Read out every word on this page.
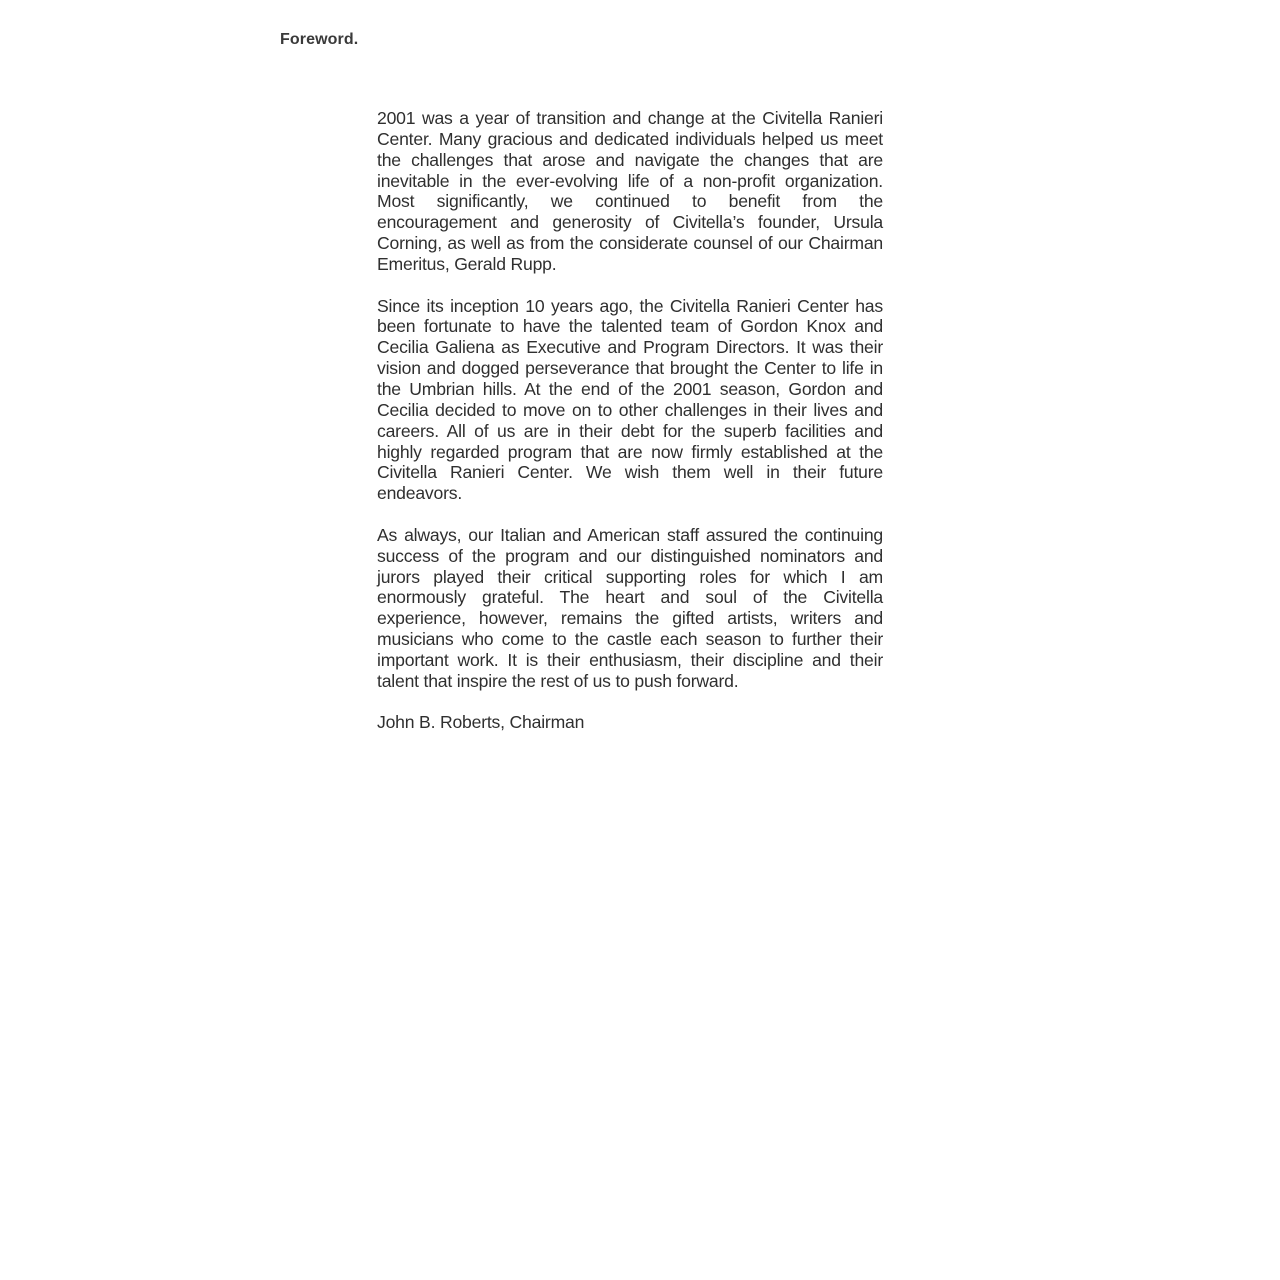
Foreword.

2001 was a year of transition and change at the Civitella Ranieri Center. Many gracious and dedicated individuals helped us meet the challenges that arose and navigate the changes that are inevitable in the ever-evolving life of a non-profit organization. Most significantly, we continued to benefit from the encouragement and generosity of Civitella’s founder, Ursula Corning, as well as from the considerate counsel of our Chairman Emeritus, Gerald Rupp.

Since its inception 10 years ago, the Civitella Ranieri Center has been fortunate to have the talented team of Gordon Knox and Cecilia Galiena as Executive and Program Directors. It was their vision and dogged perseverance that brought the Center to life in the Umbrian hills. At the end of the 2001 season, Gordon and Cecilia decided to move on to other challenges in their lives and careers. All of us are in their debt for the superb facilities and highly regarded program that are now firmly established at the Civitella Ranieri Center. We wish them well in their future endeavors.

As always, our Italian and American staff assured the continuing success of the program and our distinguished nominators and jurors played their critical supporting roles for which I am enormously grateful. The heart and soul of the Civitella experience, however, remains the gifted artists, writers and musicians who come to the castle each season to further their important work. It is their enthusiasm, their discipline and their talent that inspire the rest of us to push forward.

John B. Roberts, Chairman
